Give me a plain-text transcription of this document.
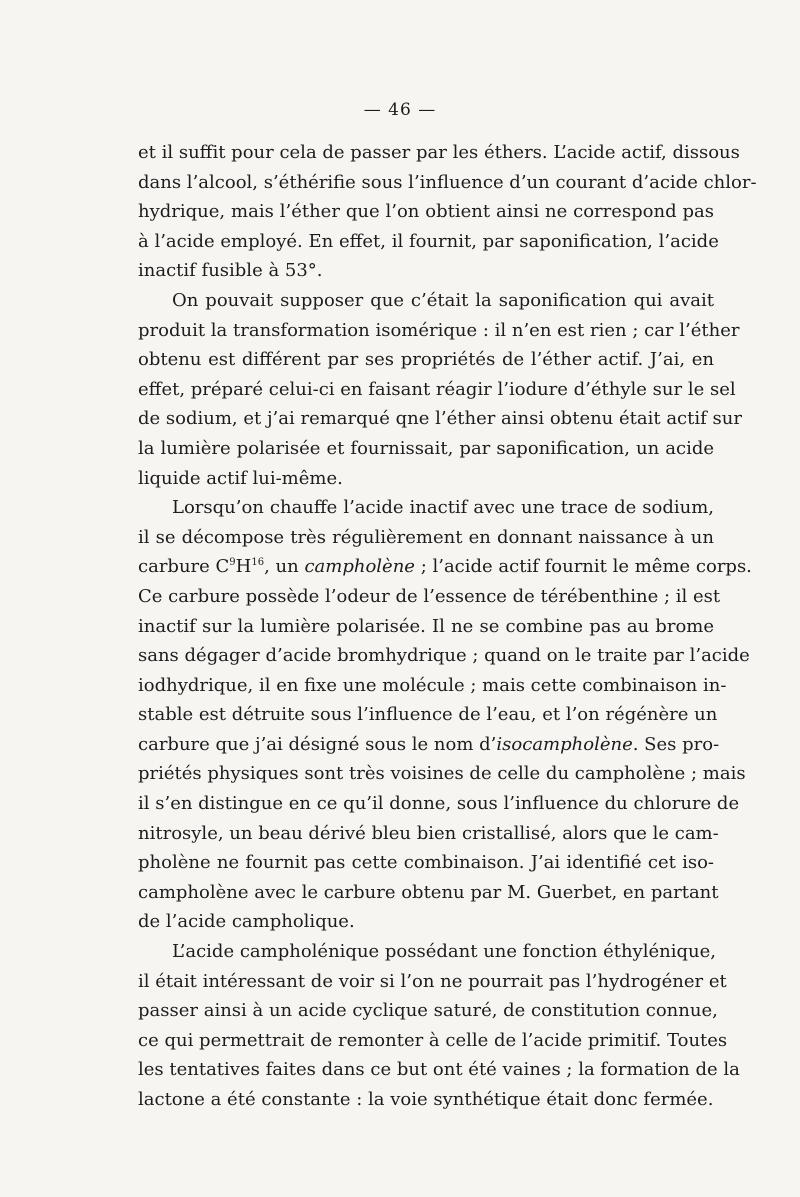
— 46 —
et il suffit pour cela de passer par les éthers. L’acide actif, dissous
dans l’alcool, s’éthérifie sous l’influence d’un courant d’acide chlor-
hydrique, mais l’éther que l’on obtient ainsi ne correspond pas
à l’acide employé. En effet, il fournit, par saponification, l’acide
inactif fusible à 53°.
On pouvait supposer que c’était la saponification qui avait
produit la transformation isomérique : il n’en est rien ; car l’éther
obtenu est différent par ses propriétés de l’éther actif. J’ai, en
effet, préparé celui-ci en faisant réagir l’iodure d’éthyle sur le sel
de sodium, et j’ai remarqué qne l’éther ainsi obtenu était actif sur
la lumière polarisée et fournissait, par saponification, un acide
liquide actif lui-même.
Lorsqu’on chauffe l’acide inactif avec une trace de sodium,
il se décompose très régulièrement en donnant naissance à un
carbure $C^9H^{16}$, un campholène ; l’acide actif fournit le même corps.
Ce carbure possède l’odeur de l’essence de térébenthine ; il est
inactif sur la lumière polarisée. Il ne se combine pas au brome
sans dégager d’acide bromhydrique ; quand on le traite par l’acide
iodhydrique, il en fixe une molécule ; mais cette combinaison in-
stable est détruite sous l’influence de l’eau, et l’on régénère un
carbure que j’ai désigné sous le nom d’isocampholène. Ses pro-
priétés physiques sont très voisines de celle du campholène ; mais
il s’en distingue en ce qu’il donne, sous l’influence du chlorure de
nitrosyle, un beau dérivé bleu bien cristallisé, alors que le cam-
pholène ne fournit pas cette combinaison. J’ai identifié cet iso-
campholène avec le carbure obtenu par M. Guerbet, en partant
de l’acide campholique.
L’acide campholénique possédant une fonction éthylénique,
il était intéressant de voir si l’on ne pourrait pas l’hydrogéner et
passer ainsi à un acide cyclique saturé, de constitution connue,
ce qui permettrait de remonter à celle de l’acide primitif. Toutes
les tentatives faites dans ce but ont été vaines ; la formation de la
lactone a été constante : la voie synthétique était donc fermée.
